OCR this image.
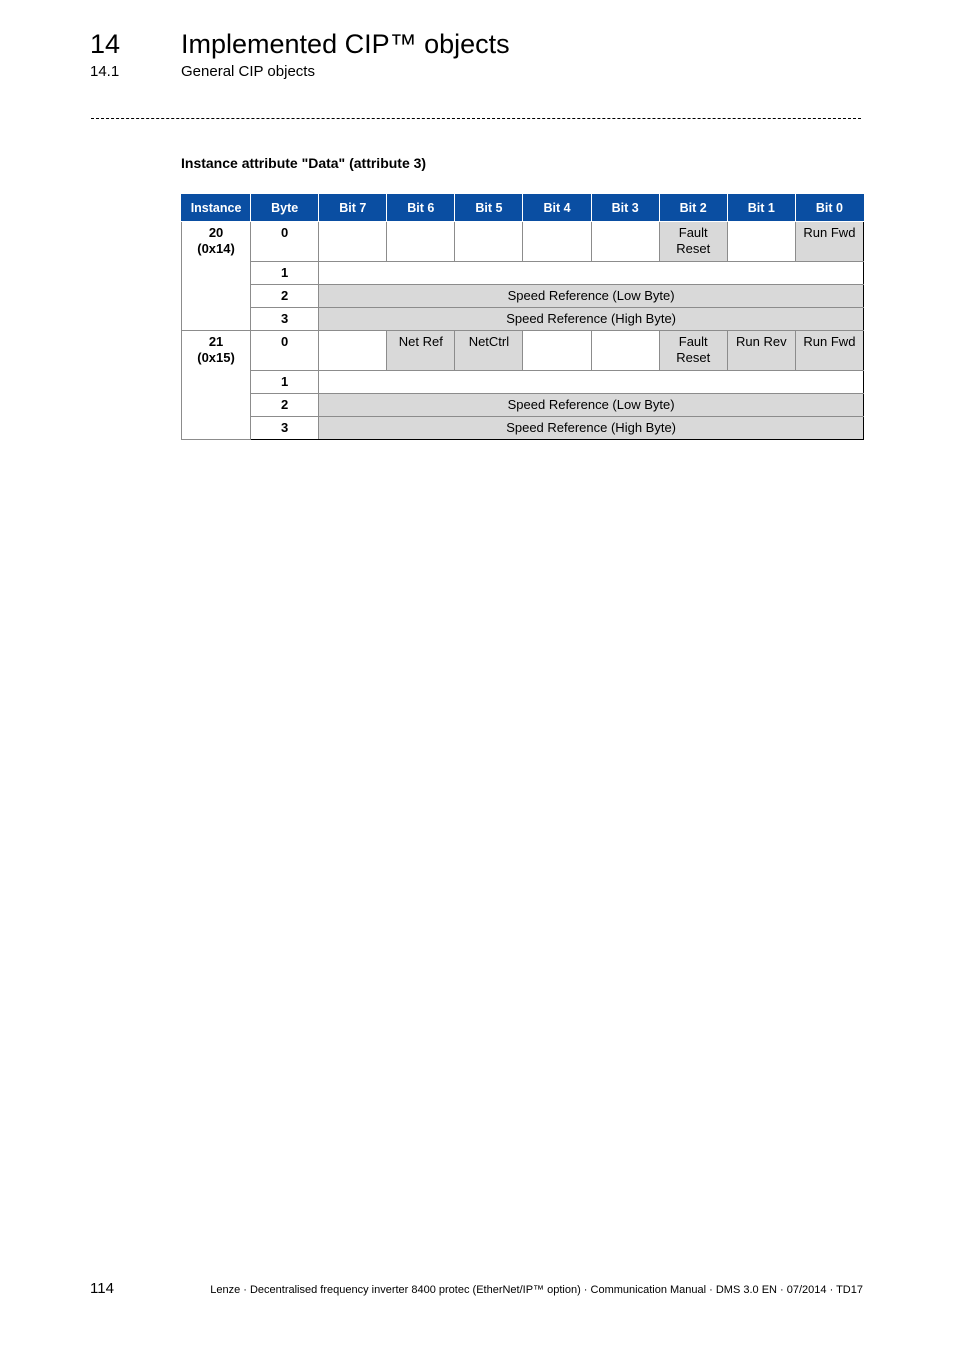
14 Implemented CIP™ objects
14.1	General CIP objects
Instance attribute "Data" (attribute 3)
Instance	Byte	Bit 7	Bit 6	Bit 5	Bit 4	Bit 3	Bit 2	Bit 1	Bit 0

20
(0x14)	0						Fault Reset		Run Fwd
	1								
	2	Speed Reference (Low Byte)							
	3	Speed Reference (High Byte)							

21
(0x15)	0		Net Ref	NetCtrl			Fault Reset	Run Rev	Run Fwd
	1								
	2	Speed Reference (Low Byte)							
	3	Speed Reference (High Byte)							
114	Lenze · Decentralised frequency inverter 8400 protec (EtherNet/IP™ option) · Communication Manual · DMS 3.0 EN · 07/2014 · TD17
